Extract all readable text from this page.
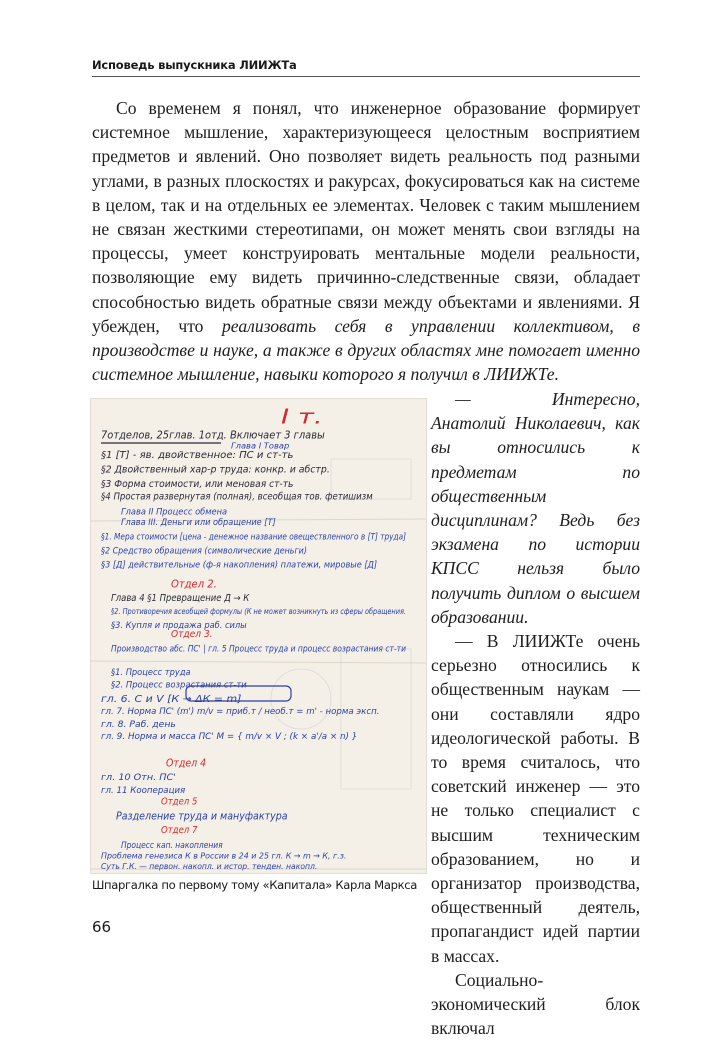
Исповедь выпускника ЛИИЖТа

Со временем я понял, что инженерное образование формирует системное мышление, характеризующееся целостным восприятием предметов и явлений. Оно позволяет видеть реальность под разными углами, в разных плоскостях и ракурсах, фокусироваться как на системе в целом, так и на отдельных ее элементах. Человек с таким мышлением не связан жесткими стереотипами, он может менять свои взгляды на процессы, умеет конструировать ментальные модели реальности, позволяющие ему видеть причинно-следственные связи, обладает способностью видеть обратные связи между объектами и явлениями. Я убежден, что реализовать себя в управлении коллективом, в производстве и науке, а также в других областях мне помогает именно системное мышление, навыки которого я получил в ЛИИЖТе.

I т.
7отделов, 25глав. 1отд. Включает 3 главы
Глава I Товар
§1 [Т] - яв. двойственное: ПС и ст-ть
§2 Двойственный хар-р труда: конкр. и абстр.
§3 Форма стоимости, или меновая ст-ть
§4 Простая развернутая (полная), всеобщая тов. фетишизм
Глава II Процесс обмена
Глава III. Деньги или обращение [Т]
§1. Мера стоимости [цена - денежное название овеществленного в [Т] труда]
§2 Средство обращения (символические деньги)
§3 [Д] действительные (ф-я накопления) платежи, мировые [Д]
Отдел 2.
Глава 4 §1 Превращение Д → К
§2. Противоречия всеобщей формулы (К не может возникнуть из сферы обращения.
§3. Купля и продажа раб. силы
Отдел 3.
Производство абс. ПС' | гл. 5 Процесс труда и процесс возрастания ст-ти
§1. Процесс труда
§2. Процесс возрастания ст-ти
гл. 6. C и V [К → ΔК = m]
гл. 7. Норма ПС' (m') m/v = приб.т / необ.т = m' - норма эксп.
гл. 8. Раб. день
гл. 9. Норма и масса ПС' M = { m/v × V ; (k × a'/a × n) }
Отдел 4
гл. 10 Отн. ПС'
гл. 11 Кооперация
Отдел 5
Разделение труда и мануфактура
Отдел 7
Процесс кап. накопления
Проблема генезиса К в России в 24 и 25 гл. К → m → К, г.з.
Суть Г.К. — первон. накопл. и истор. тенден. накопл.
Шпаргалка по первому тому «Капитала» Карла Маркса

— Интересно, Анатолий Николаевич, как вы относились к предметам по общественным дисциплинам? Ведь без экзамена по истории КПСС нельзя было получить диплом о высшем образовании.

— В ЛИИЖТе очень серьезно относились к общественным наукам — они составляли ядро идеологической работы. В то время считалось, что советский инженер — это не только специалист с высшим техническим образованием, но и организатор производства, общественный деятель, пропагандист идей партии в массах.

Социально-экономический блок включал

66
